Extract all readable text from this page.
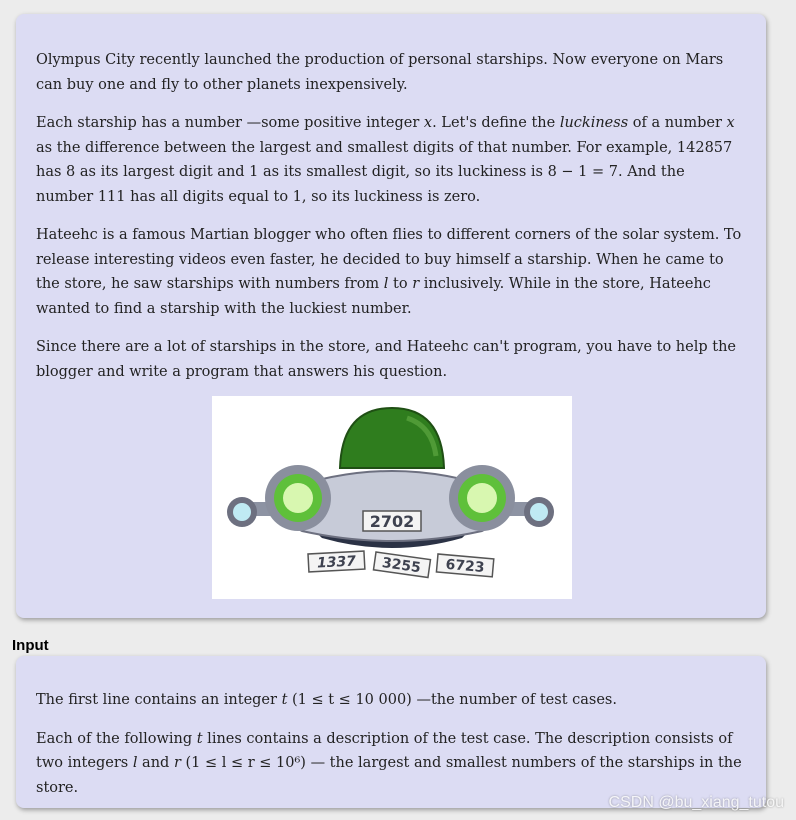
Olympus City recently launched the production of personal starships. Now everyone on Mars can buy one and fly to other planets inexpensively.

Each starship has a number —some positive integer x. Let's define the luckiness of a number x as the difference between the largest and smallest digits of that number. For example, 142857 has 8 as its largest digit and 1 as its smallest digit, so its luckiness is 8 − 1 = 7. And the number 111 has all digits equal to 1, so its luckiness is zero.

Hateehc is a famous Martian blogger who often flies to different corners of the solar system. To release interesting videos even faster, he decided to buy himself a starship. When he came to the store, he saw starships with numbers from l to r inclusively. While in the store, Hateehc wanted to find a starship with the luckiest number.

Since there are a lot of starships in the store, and Hateehc can't program, you have to help the blogger and write a program that answers his question.

2702
1337 3255 6723
Input

The first line contains an integer t (1 ≤ t ≤ 10 000) —the number of test cases.

Each of the following t lines contains a description of the test case. The description consists of two integers l and r (1 ≤ l ≤ r ≤ 10⁶) — the largest and smallest numbers of the starships in the store.

CSDN @bu_xiang_tutou
